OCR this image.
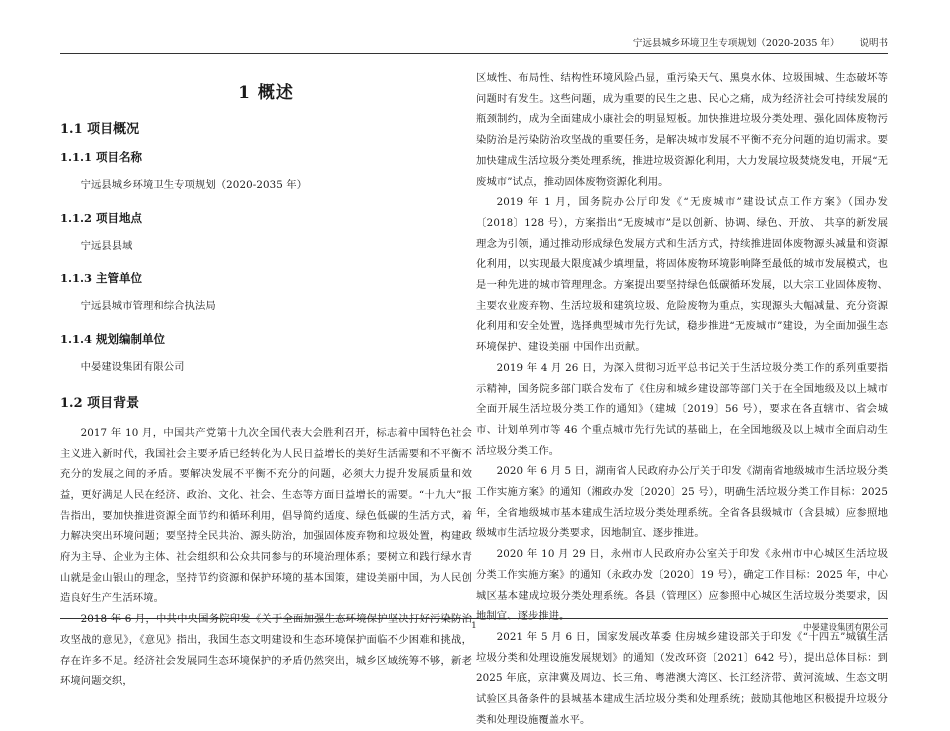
宁远县城乡环境卫生专项规划（2020-2035 年） 说明书
1 概述
1.1 项目概况
1.1.1 项目名称

宁远县城乡环境卫生专项规划（2020-2035 年）

1.1.2 项目地点

宁远县县域

1.1.3 主管单位

宁远县城市管理和综合执法局

1.1.4 规划编制单位

中晏建设集团有限公司

1.2 项目背景

2017 年 10 月，中国共产党第十九次全国代表大会胜利召开，标志着中国特色社会主义进入新时代，我国社会主要矛盾已经转化为人民日益增长的美好生活需要和不平衡不充分的发展之间的矛盾。要解决发展不平衡不充分的问题，必须大力提升发展质量和效益，更好满足人民在经济、政治、文化、社会、生态等方面日益增长的需要。“十九大”报告指出，要加快推进资源全面节约和循环利用，倡导简约适度、绿色低碳的生活方式，着力解决突出环境问题；要坚持全民共治、源头防治，加强固体废弃物和垃圾处置，构建政府为主导、企业为主体、社会组织和公众共同参与的环境治理体系；要树立和践行绿水青山就是金山银山的理念，坚持节约资源和保护环境的基本国策，建设美丽中国，为人民创造良好生产生活环境。

2018 年 6 月，中共中央国务院印发《关于全面加强生态环境保护坚决打好污染防治攻坚战的意见》，《意见》指出，我国生态文明建设和生态环境保护面临不少困难和挑战，存在许多不足。经济社会发展同生态环境保护的矛盾仍然突出，城乡区域统筹不够，新老环境问题交织，

区域性、布局性、结构性环境风险凸显，重污染天气、黑臭水体、垃圾围城、生态破坏等问题时有发生。这些问题，成为重要的民生之患、民心之痛，成为经济社会可持续发展的瓶颈制约，成为全面建成小康社会的明显短板。加快推进垃圾分类处理、强化固体废物污染防治是污染防治攻坚战的重要任务，是解决城市发展不平衡不充分问题的迫切需求。要加快建成生活垃圾分类处理系统，推进垃圾资源化利用，大力发展垃圾焚烧发电，开展“无废城市”试点，推动固体废物资源化利用。

2019 年 1 月，国务院办公厅印发《“无废城市”建设试点工作方案》（国办发〔2018〕128 号），方案指出“无废城市”是以创新、协调、绿色、开放、 共享的新发展理念为引领，通过推动形成绿色发展方式和生活方式，持续推进固体废物源头减量和资源化利用，以实现最大限度减少填埋量，将固体废物环境影响降至最低的城市发展模式，也是一种先进的城市管理理念。方案提出要坚持绿色低碳循环发展，以大宗工业固体废物、主要农业废弃物、生活垃圾和建筑垃圾、危险废物为重点，实现源头大幅减量、充分资源化利用和安全处置，选择典型城市先行先试，稳步推进“无废城市”建设，为全面加强生态环境保护、建设美丽 中国作出贡献。

2019 年 4 月 26 日，为深入贯彻习近平总书记关于生活垃圾分类工作的系列重要指示精神，国务院多部门联合发布了《住房和城乡建设部等部门关于在全国地级及以上城市全面开展生活垃圾分类工作的通知》（建城〔2019〕56 号），要求在各直辖市、省会城市、计划单列市等 46 个重点城市先行先试的基础上，在全国地级及以上城市全面启动生活垃圾分类工作。

2020 年 6 月 5 日，湖南省人民政府办公厅关于印发《湖南省地级城市生活垃圾分类工作实施方案》的通知（湘政办发〔2020〕25 号），明确生活垃圾分类工作目标：2025 年，全省地级城市基本建成生活垃圾分类处理系统。全省各县级城市（含县城）应参照地级城市生活垃圾分类要求，因地制宜、逐步推进。

2020 年 10 月 29 日，永州市人民政府办公室关于印发《永州市中心城区生活垃圾分类工作实施方案》的通知（永政办发〔2020〕19 号），确定工作目标：2025 年，中心城区基本建成垃圾分类处理系统。各县（管理区）应参照中心城区生活垃圾分类要求，因地制宜、逐步推进。

2021 年 5 月 6 日，国家发展改革委 住房城乡建设部关于印发《“十四五”城镇生活垃圾分类和处理设施发展规划》的通知（发改环资〔2021〕642 号），提出总体目标：到 2025 年底，京津冀及周边、长三角、粤港澳大湾区、长江经济带、黄河流域、生态文明试验区具备条件的县城基本建成生活垃圾分类和处理系统；鼓励其他地区积极提升垃圾分类和处理设施覆盖水平。

1	中晏建设集团有限公司
